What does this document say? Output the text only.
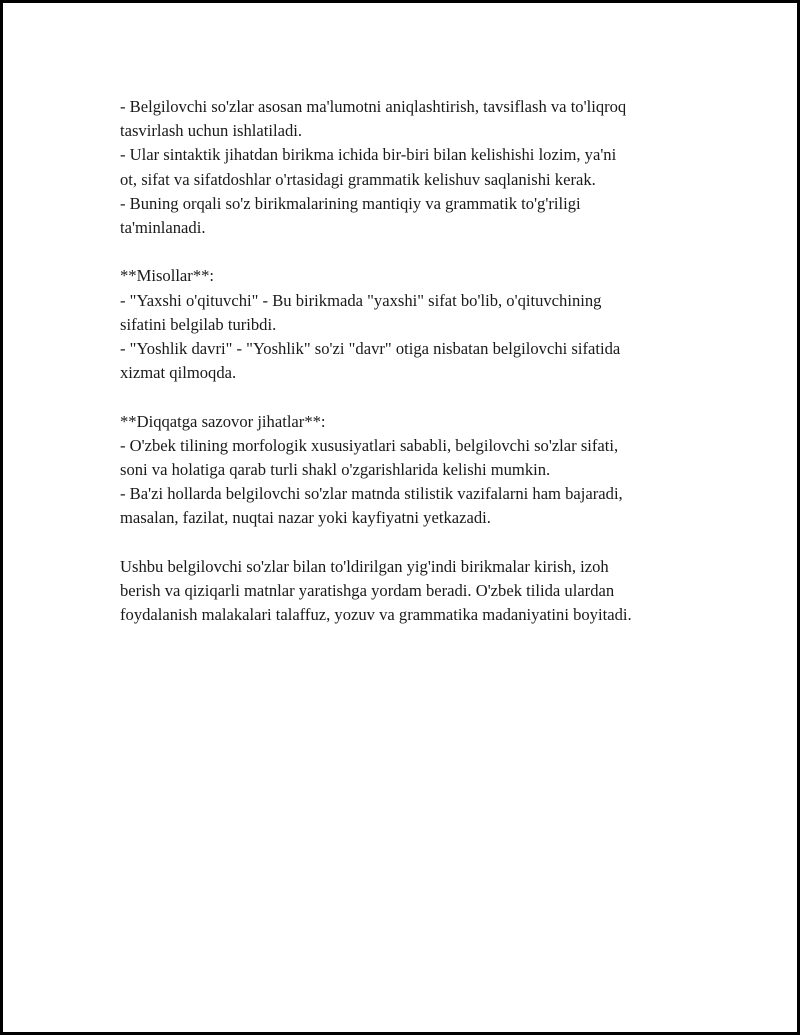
- Belgilovchi so'zlar asosan ma'lumotni aniqlashtirish, tavsiflash va to'liqroq
tasvirlash uchun ishlatiladi.
- Ular sintaktik jihatdan birikma ichida bir-biri bilan kelishishi lozim, ya'ni
ot, sifat va sifatdoshlar o'rtasidagi grammatik kelishuv saqlanishi kerak.
- Buning orqali so'z birikmalarining mantiqiy va grammatik to'g'riligi
ta'minlanadi.

**Misollar**:
- "Yaxshi o'qituvchi" - Bu birikmada "yaxshi" sifat bo'lib, o'qituvchining
sifatini belgilab turibdi.
- "Yoshlik davri" - "Yoshlik" so'zi "davr" otiga nisbatan belgilovchi sifatida
xizmat qilmoqda.

**Diqqatga sazovor jihatlar**:
- O'zbek tilining morfologik xususiyatlari sababli, belgilovchi so'zlar sifati,
soni va holatiga qarab turli shakl o'zgarishlarida kelishi mumkin.
- Ba'zi hollarda belgilovchi so'zlar matnda stilistik vazifalarni ham bajaradi,
masalan, fazilat, nuqtai nazar yoki kayfiyatni yetkazadi.

Ushbu belgilovchi so'zlar bilan to'ldirilgan yig'indi birikmalar kirish, izoh
berish va qiziqarli matnlar yaratishga yordam beradi. O'zbek tilida ulardan
foydalanish malakalari talaffuz, yozuv va grammatika madaniyatini boyitadi.
